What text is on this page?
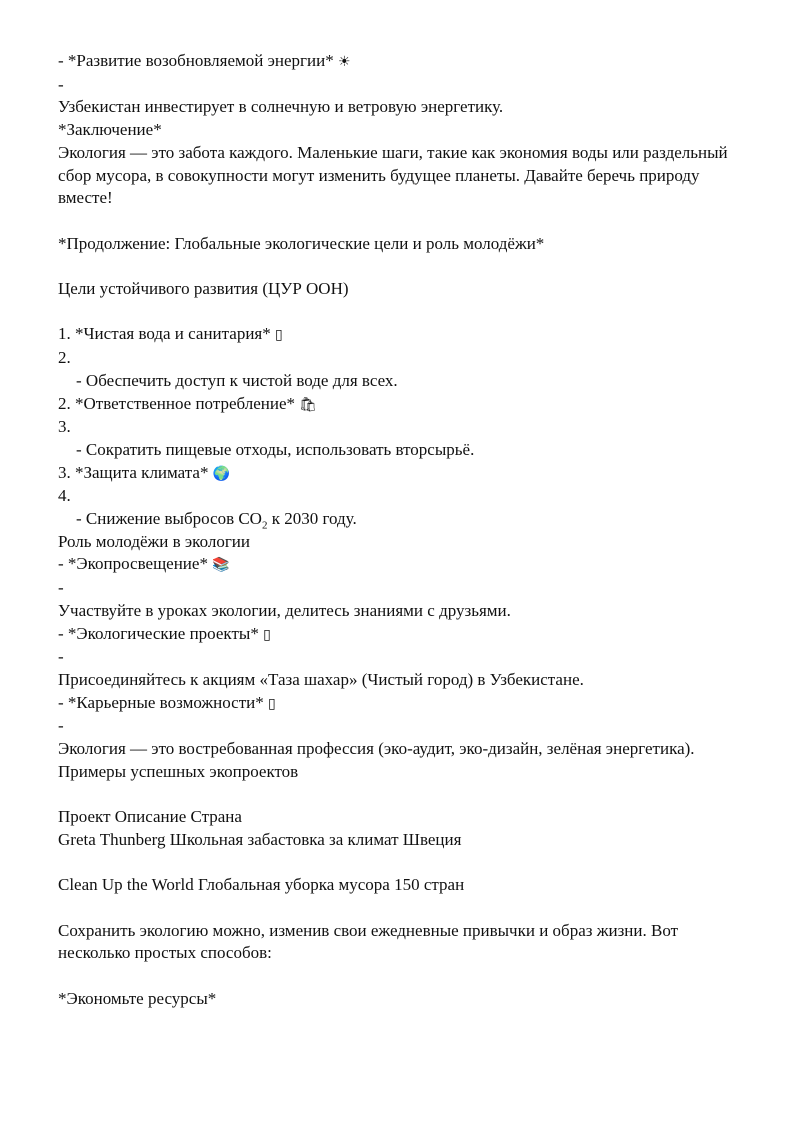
- *Развитие возобновляемой энергии* ☀

-

Узбекистан инвестирует в солнечную и ветровую энергетику.

*Заключение*

Экология — это забота каждого. Маленькие шаги, такие как экономия воды или раздельный сбор мусора, в совокупности могут изменить будущее планеты. Давайте беречь природу вместе!

*Продолжение: Глобальные экологические цели и роль молодёжи*

Цели устойчивого развития (ЦУР ООН)

1. *Чистая вода и санитария* ▯

2.

- Обеспечить доступ к чистой воде для всех.

2. *Ответственное потребление* 🛍

3.

- Сократить пищевые отходы, использовать вторсырьё.

3. *Защита климата* 🌍

4.

- Снижение выбросов $CO_2$ к 2030 году.

Роль молодёжи в экологии

- *Экопросвещение* 📚

-

Участвуйте в уроках экологии, делитесь знаниями с друзьями.

- *Экологические проекты* ▯

-

Присоединяйтесь к акциям «Таза шахар» (Чистый город) в Узбекистане.

- *Карьерные возможности* ▯

-

Экология — это востребованная профессия (эко-аудит, эко-дизайн, зелёная энергетика).

Примеры успешных экопроектов

Проект Описание Страна

Greta Thunberg Школьная забастовка за климат Швеция

Clean Up the World Глобальная уборка мусора 150 стран

Сохранить экологию можно, изменив свои ежедневные привычки и образ жизни. Вот несколько простых способов:

*Экономьте ресурсы*
